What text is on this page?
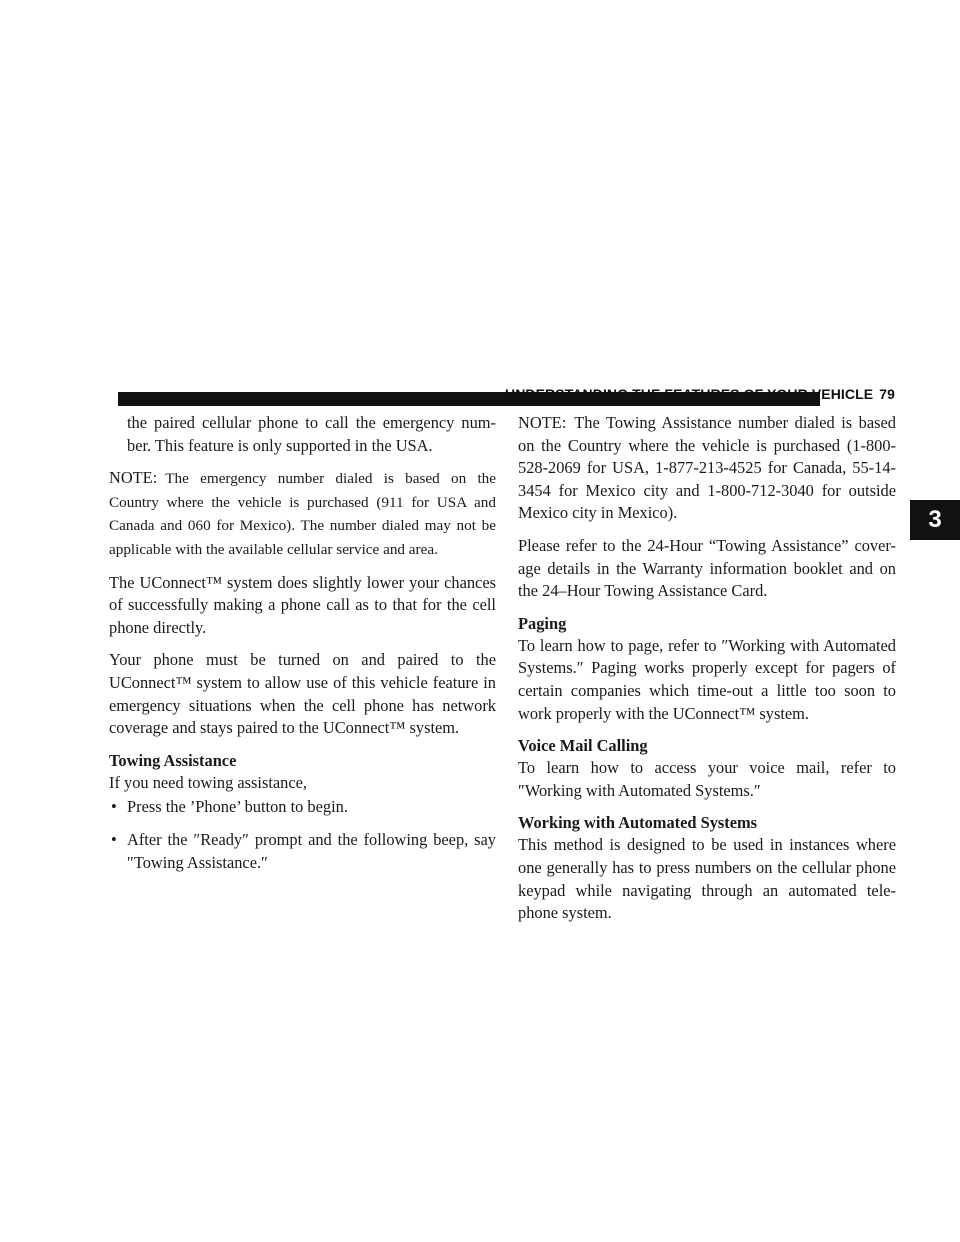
UNDERSTANDING THE FEATURES OF YOUR VEHICLE 79
3

the paired cellular phone to call the emergency num-ber. This feature is only supported in the USA.

NOTE: The emergency number dialed is based on the Country where the vehicle is purchased (911 for USA and Canada and 060 for Mexico). The number dialed may not be applicable with the available cellular service and area.

The UConnect™ system does slightly lower your chances of successfully making a phone call as to that for the cell phone directly.

Your phone must be turned on and paired to the UConnect™ system to allow use of this vehicle feature in emergency situations when the cell phone has network coverage and stays paired to the UConnect™ system.

Towing Assistance

If you need towing assistance,

• Press the ’Phone’ button to begin.
• After the ″Ready″ prompt and the following beep, say ″Towing Assistance.″

NOTE: The Towing Assistance number dialed is based on the Country where the vehicle is purchased (1-800-528-2069 for USA, 1-877-213-4525 for Canada, 55-14-3454 for Mexico city and 1-800-712-3040 for outside Mexico city in Mexico).

Please refer to the 24-Hour “Towing Assistance” cover-age details in the Warranty information booklet and on the 24–Hour Towing Assistance Card.

Paging

To learn how to page, refer to ″Working with Automated Systems.″ Paging works properly except for pagers of certain companies which time-out a little too soon to work properly with the UConnect™ system.

Voice Mail Calling

To learn how to access your voice mail, refer to ″Working with Automated Systems.″

Working with Automated Systems

This method is designed to be used in instances where one generally has to press numbers on the cellular phone keypad while navigating through an automated tele-phone system.
